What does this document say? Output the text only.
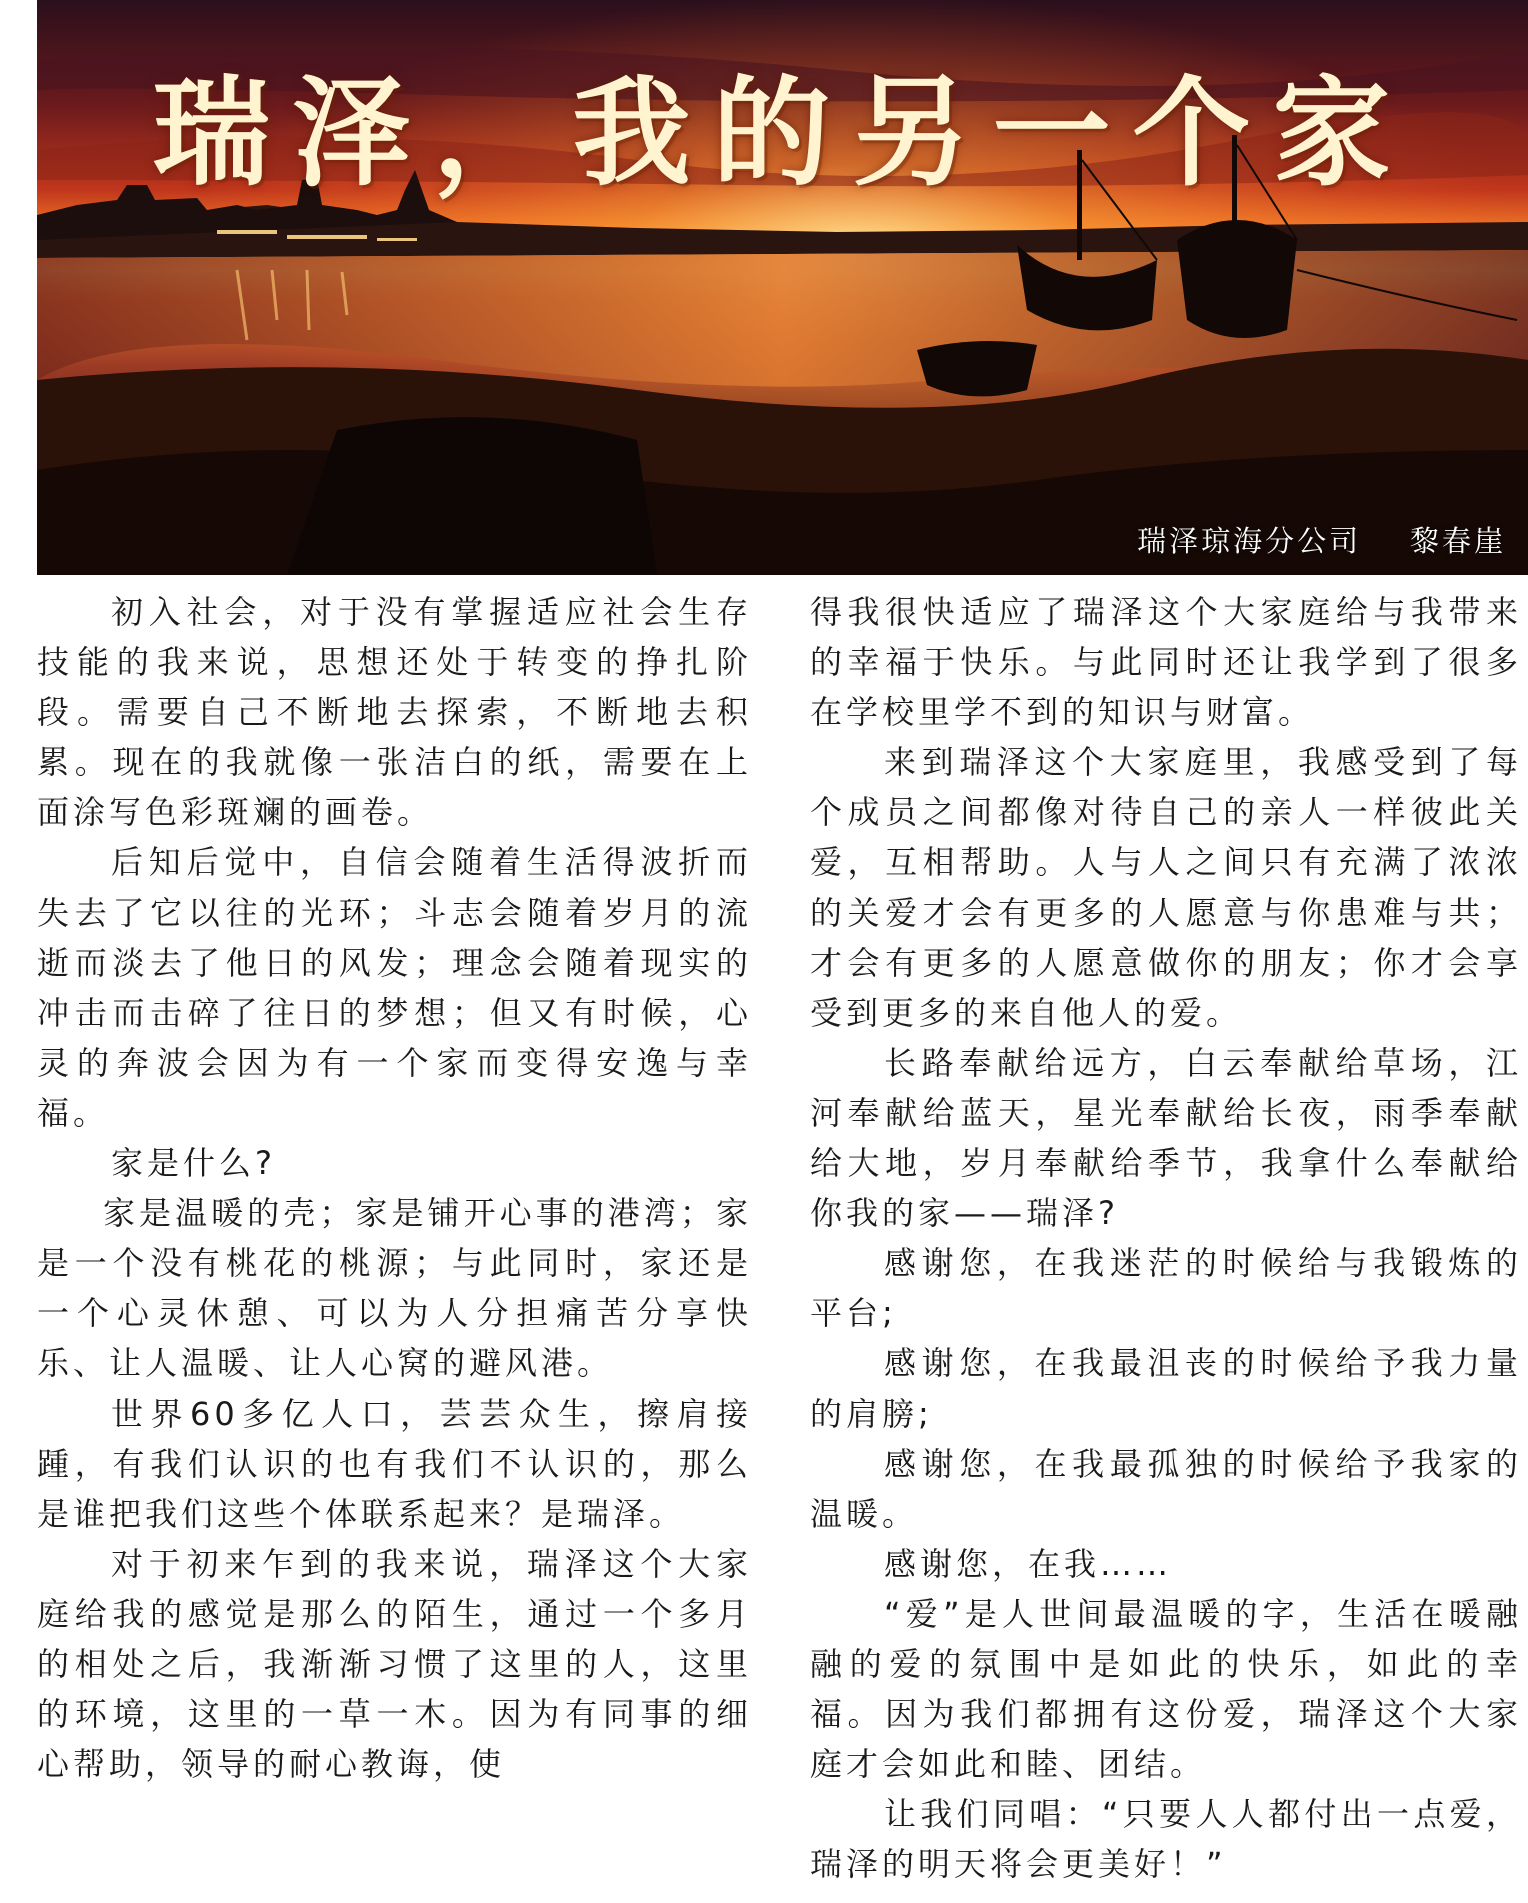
瑞泽，我的另一个家
瑞泽琼海分公司    黎春崖

初入社会，对于没有掌握适应社会生存技能的我来说，思想还处于转变的挣扎阶段。需要自己不断地去探索，不断地去积累。现在的我就像一张洁白的纸，需要在上面涂写色彩斑斓的画卷。

后知后觉中，自信会随着生活得波折而失去了它以往的光环；斗志会随着岁月的流逝而淡去了他日的风发；理念会随着现实的冲击而击碎了往日的梦想；但又有时候，心灵的奔波会因为有一个家而变得安逸与幸福。

家是什么?

家是温暖的壳；家是铺开心事的港湾；家是一个没有桃花的桃源；与此同时，家还是一个心灵休憩、可以为人分担痛苦分享快乐、让人温暖、让人心窝的避风港。

世界60多亿人口，芸芸众生，擦肩接踵，有我们认识的也有我们不认识的，那么是谁把我们这些个体联系起来？是瑞泽。

对于初来乍到的我来说，瑞泽这个大家庭给我的感觉是那么的陌生，通过一个多月的相处之后，我渐渐习惯了这里的人，这里的环境，这里的一草一木。因为有同事的细心帮助，领导的耐心教诲，使

得我很快适应了瑞泽这个大家庭给与我带来的幸福于快乐。与此同时还让我学到了很多在学校里学不到的知识与财富。

来到瑞泽这个大家庭里，我感受到了每个成员之间都像对待自己的亲人一样彼此关爱，互相帮助。人与人之间只有充满了浓浓的关爱才会有更多的人愿意与你患难与共；才会有更多的人愿意做你的朋友；你才会享受到更多的来自他人的爱。

长路奉献给远方，白云奉献给草场，江河奉献给蓝天，星光奉献给长夜，雨季奉献给大地，岁月奉献给季节，我拿什么奉献给你我的家——瑞泽?

感谢您，在我迷茫的时候给与我锻炼的平台;

感谢您，在我最沮丧的时候给予我力量的肩膀;

感谢您，在我最孤独的时候给予我家的温暖。

感谢您，在我……

“爱”是人世间最温暖的字，生活在暖融融的爱的氛围中是如此的快乐，如此的幸福。因为我们都拥有这份爱，瑞泽这个大家庭才会如此和睦、团结。

让我们同唱：“只要人人都付出一点爱，瑞泽的明天将会更美好！”
